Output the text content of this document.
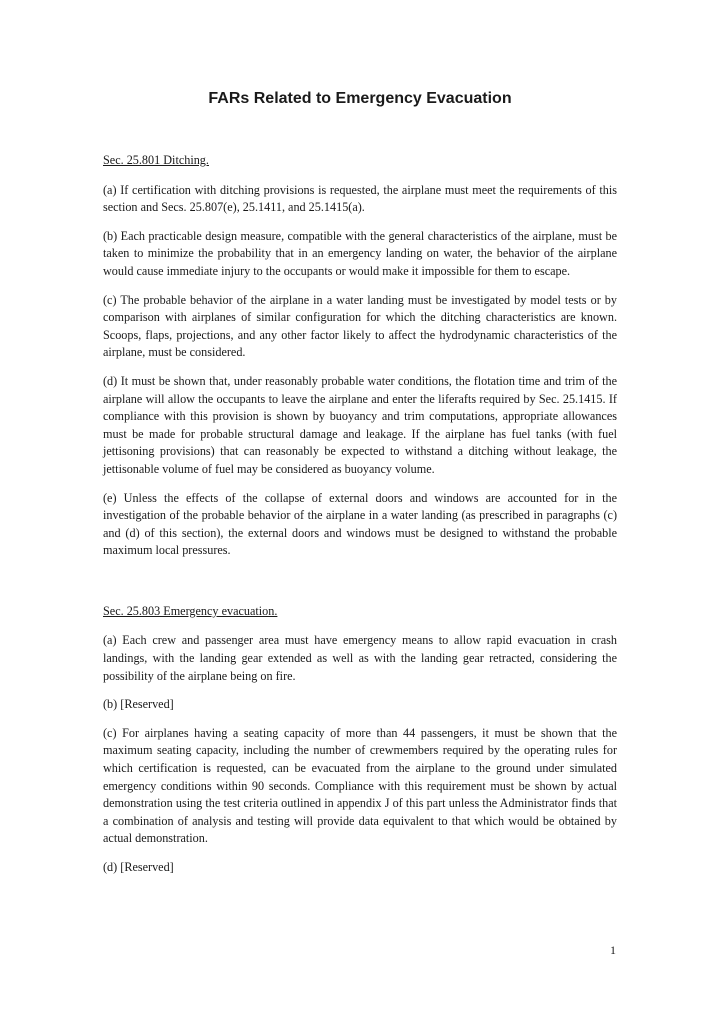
FARs Related to Emergency Evacuation

Sec. 25.801 Ditching.

(a) If certification with ditching provisions is requested, the airplane must meet the requirements of this section and Secs. 25.807(e), 25.1411, and 25.1415(a).

(b) Each practicable design measure, compatible with the general characteristics of the airplane, must be taken to minimize the probability that in an emergency landing on water, the behavior of the airplane would cause immediate injury to the occupants or would make it impossible for them to escape.

(c) The probable behavior of the airplane in a water landing must be investigated by model tests or by comparison with airplanes of similar configuration for which the ditching characteristics are known. Scoops, flaps, projections, and any other factor likely to affect the hydrodynamic characteristics of the airplane, must be considered.

(d) It must be shown that, under reasonably probable water conditions, the flotation time and trim of the airplane will allow the occupants to leave the airplane and enter the liferafts required by Sec. 25.1415. If compliance with this provision is shown by buoyancy and trim computations, appropriate allowances must be made for probable structural damage and leakage. If the airplane has fuel tanks (with fuel jettisoning provisions) that can reasonably be expected to withstand a ditching without leakage, the jettisonable volume of fuel may be considered as buoyancy volume.

(e) Unless the effects of the collapse of external doors and windows are accounted for in the investigation of the probable behavior of the airplane in a water landing (as prescribed in paragraphs (c) and (d) of this section), the external doors and windows must be designed to withstand the probable maximum local pressures.

Sec. 25.803 Emergency evacuation.

(a) Each crew and passenger area must have emergency means to allow rapid evacuation in crash landings, with the landing gear extended as well as with the landing gear retracted, considering the possibility of the airplane being on fire.

(b) [Reserved]

(c) For airplanes having a seating capacity of more than 44 passengers, it must be shown that the maximum seating capacity, including the number of crewmembers required by the operating rules for which certification is requested, can be evacuated from the airplane to the ground under simulated emergency conditions within 90 seconds. Compliance with this requirement must be shown by actual demonstration using the test criteria outlined in appendix J of this part unless the Administrator finds that a combination of analysis and testing will provide data equivalent to that which would be obtained by actual demonstration.

(d) [Reserved]

1
